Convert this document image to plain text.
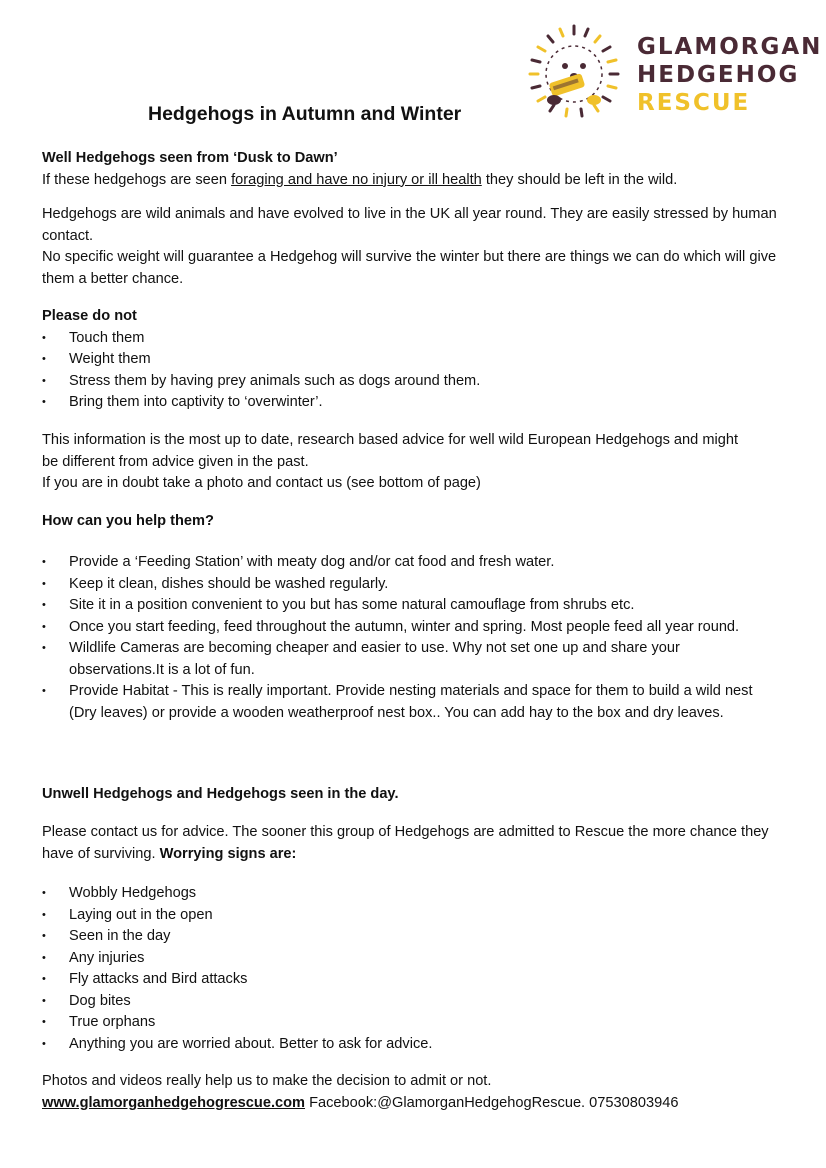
GLAMORGAN
HEDGEHOG
RESCUE
Hedgehogs in Autumn and Winter

Well Hedgehogs seen from ‘Dusk to Dawn’

If these hedgehogs are seen foraging and have no injury or ill health they should be left in the wild.

Hedgehogs are wild animals and have evolved to live in the UK all year round. They are easily stressed by human contact.

No specific weight will guarantee a Hedgehog will survive the winter but there are things we can do which will give them a better chance.

Please do not

• Touch them
• Weight them
• Stress them by having prey animals such as dogs around them.
• Bring them into captivity to ‘overwinter’.

This information is the most up to date, research based advice for well wild European Hedgehogs and might be different from advice given in the past.

If you are in doubt take a photo and contact us (see bottom of page)

How can you help them?

• Provide a ‘Feeding Station’ with meaty dog and/or cat food and fresh water.
• Keep it clean, dishes should be washed regularly.
• Site it in a position convenient to you but has some natural camouflage from shrubs etc.
• Once you start feeding, feed throughout the autumn, winter and spring. Most people feed all year round.
• Wildlife Cameras are becoming cheaper and easier to use. Why not set one up and share your observations.It is a lot of fun.
• Provide Habitat - This is really important. Provide nesting materials and space for them to build a wild nest (Dry leaves) or provide a wooden weatherproof nest box.. You can add hay to the box and dry leaves.

Unwell Hedgehogs and Hedgehogs seen in the day.

Please contact us for advice. The sooner this group of Hedgehogs are admitted to Rescue the more chance they have of surviving. Worrying signs are:

• Wobbly Hedgehogs
• Laying out in the open
• Seen in the day
• Any injuries
• Fly attacks and Bird attacks
• Dog bites
• True orphans
• Anything you are worried about. Better to ask for advice.

Photos and videos really help us to make the decision to admit or not.

www.glamorganhedgehogrescue.com Facebook:@GlamorganHedgehogRescue. 07530803946
